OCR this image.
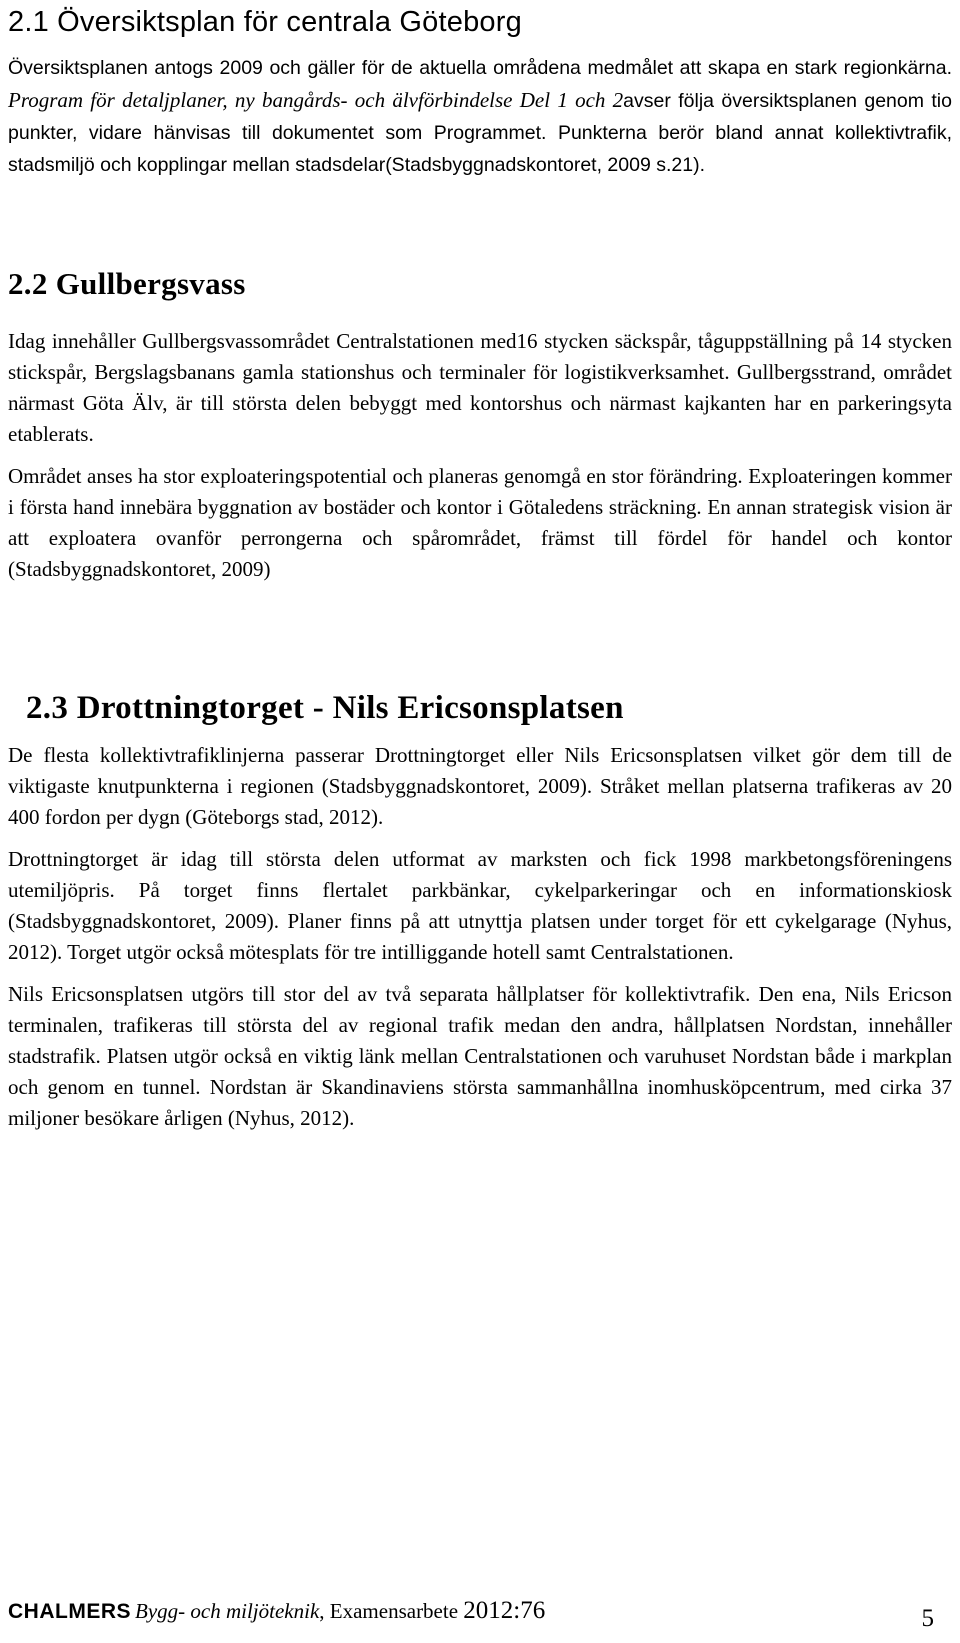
2.1 Översiktsplan för centrala Göteborg

Översiktsplanen antogs 2009 och gäller för de aktuella områdena medmålet att skapa en stark regionkärna. Program för detaljplaner, ny bangårds- och älvförbindelse Del 1 och 2avser följa översiktsplanen genom tio punkter, vidare hänvisas till dokumentet som Programmet. Punkterna berör bland annat kollektivtrafik, stadsmiljö och kopplingar mellan stadsdelar(Stadsbyggnadskontoret, 2009 s.21).

2.2 Gullbergsvass

Idag innehåller Gullbergsvassområdet Centralstationen med16 stycken säckspår, tåguppställning på 14 stycken stickspår, Bergslagsbanans gamla stationshus och terminaler för logistikverksamhet. Gullbergsstrand, området närmast Göta Älv, är till största delen bebyggt med kontorshus och närmast kajkanten har en parkeringsyta etablerats.

Området anses ha stor exploateringspotential och planeras genomgå en stor förändring. Exploateringen kommer i första hand innebära byggnation av bostäder och kontor i Götaledens sträckning. En annan strategisk vision är att exploatera ovanför perrongerna och spårområdet, främst till fördel för handel och kontor (Stadsbyggnadskontoret, 2009)

2.3 Drottningtorget - Nils Ericsonsplatsen

De flesta kollektivtrafiklinjerna passerar Drottningtorget eller Nils Ericsonsplatsen vilket gör dem till de viktigaste knutpunkterna i regionen (Stadsbyggnadskontoret, 2009). Stråket mellan platserna trafikeras av 20 400 fordon per dygn (Göteborgs stad, 2012).

Drottningtorget är idag till största delen utformat av marksten och fick 1998 markbetongsföreningens utemiljöpris. På torget finns flertalet parkbänkar, cykelparkeringar och en informationskiosk (Stadsbyggnadskontoret, 2009). Planer finns på att utnyttja platsen under torget för ett cykelgarage (Nyhus, 2012). Torget utgör också mötesplats för tre intilliggande hotell samt Centralstationen.

Nils Ericsonsplatsen utgörs till stor del av två separata hållplatser för kollektivtrafik. Den ena, Nils Ericson terminalen, trafikeras till största del av regional trafik medan den andra, hållplatsen Nordstan, innehåller stadstrafik. Platsen utgör också en viktig länk mellan Centralstationen och varuhuset Nordstan både i markplan och genom en tunnel. Nordstan är Skandinaviens största sammanhållna inomhusköpcentrum, med cirka 37 miljoner besökare årligen (Nyhus, 2012).

CHALMERS Bygg- och miljöteknik, Examensarbete 2012:76	5
